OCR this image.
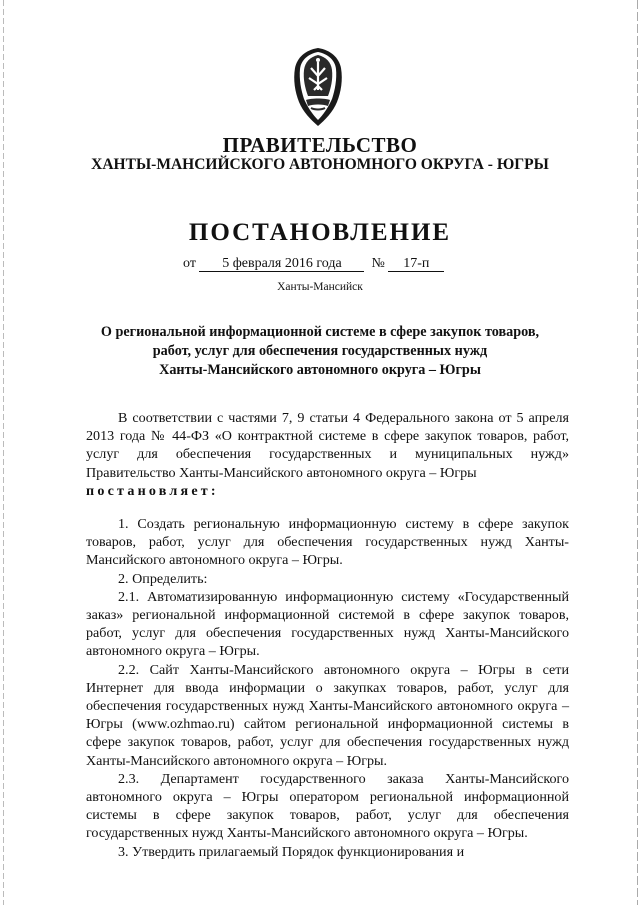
ПРАВИТЕЛЬСТВО
ХАНТЫ-МАНСИЙСКОГО АВТОНОМНОГО ОКРУГА - ЮГРЫ
ПОСТАНОВЛЕНИЕ
от 5 февраля 2016 года № 17-п
Ханты-Мансийск
О региональной информационной системе в сфере закупок товаров,
работ, услуг для обеспечения государственных нужд
Ханты-Мансийского автономного округа – Югры

В соответствии с частями 7, 9 статьи 4 Федерального закона от 5 апреля 2013 года № 44-ФЗ «О контрактной системе в сфере закупок товаров, работ, услуг для обеспечения государственных и муниципальных нужд» Правительство Ханты-Мансийского автономного округа – Югры

постановляет:

1. Создать региональную информационную систему в сфере закупок товаров, работ, услуг для обеспечения государственных нужд Ханты-Мансийского автономного округа – Югры.

2. Определить:

2.1. Автоматизированную информационную систему «Государственный заказ» региональной информационной системой в сфере закупок товаров, работ, услуг для обеспечения государственных нужд Ханты-Мансийского автономного округа – Югры.

2.2. Сайт Ханты-Мансийского автономного округа – Югры в сети Интернет для ввода информации о закупках товаров, работ, услуг для обеспечения государственных нужд Ханты-Мансийского автономного округа – Югры (www.ozhmao.ru) сайтом региональной информационной системы в сфере закупок товаров, работ, услуг для обеспечения государственных нужд Ханты-Мансийского автономного округа – Югры.

2.3. Департамент государственного заказа Ханты-Мансийского автономного округа – Югры оператором региональной информационной системы в сфере закупок товаров, работ, услуг для обеспечения государственных нужд Ханты-Мансийского автономного округа – Югры.

3. Утвердить прилагаемый Порядок функционирования и
